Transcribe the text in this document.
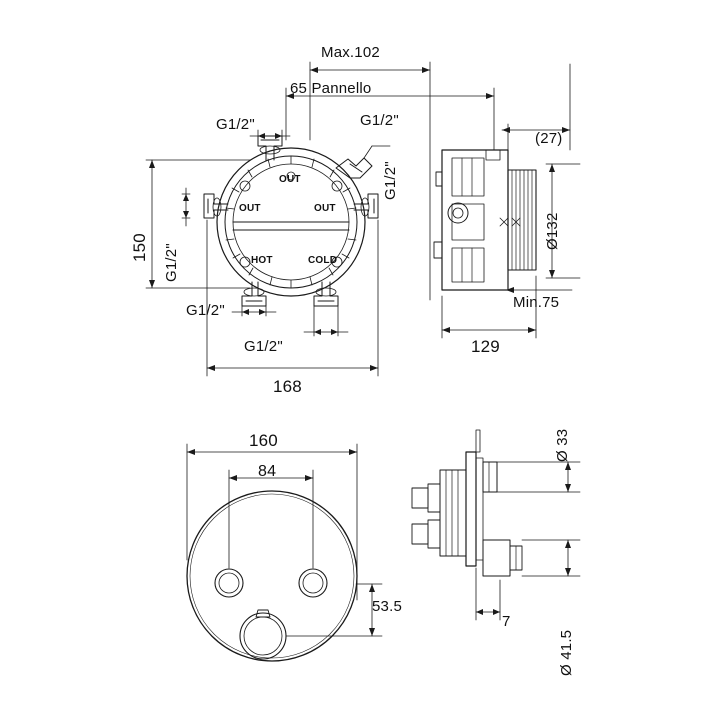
Max.102
65 Pannello
(27)
G1/2"	G1/2"
G1/2"
150 G1/2"
G1/2"
G1/2"
168
Ø132
Min.75
129
OUT
OUT	OUT
HOT	COLD
160
84
53.5
Ø 33
Ø 41.5
7
